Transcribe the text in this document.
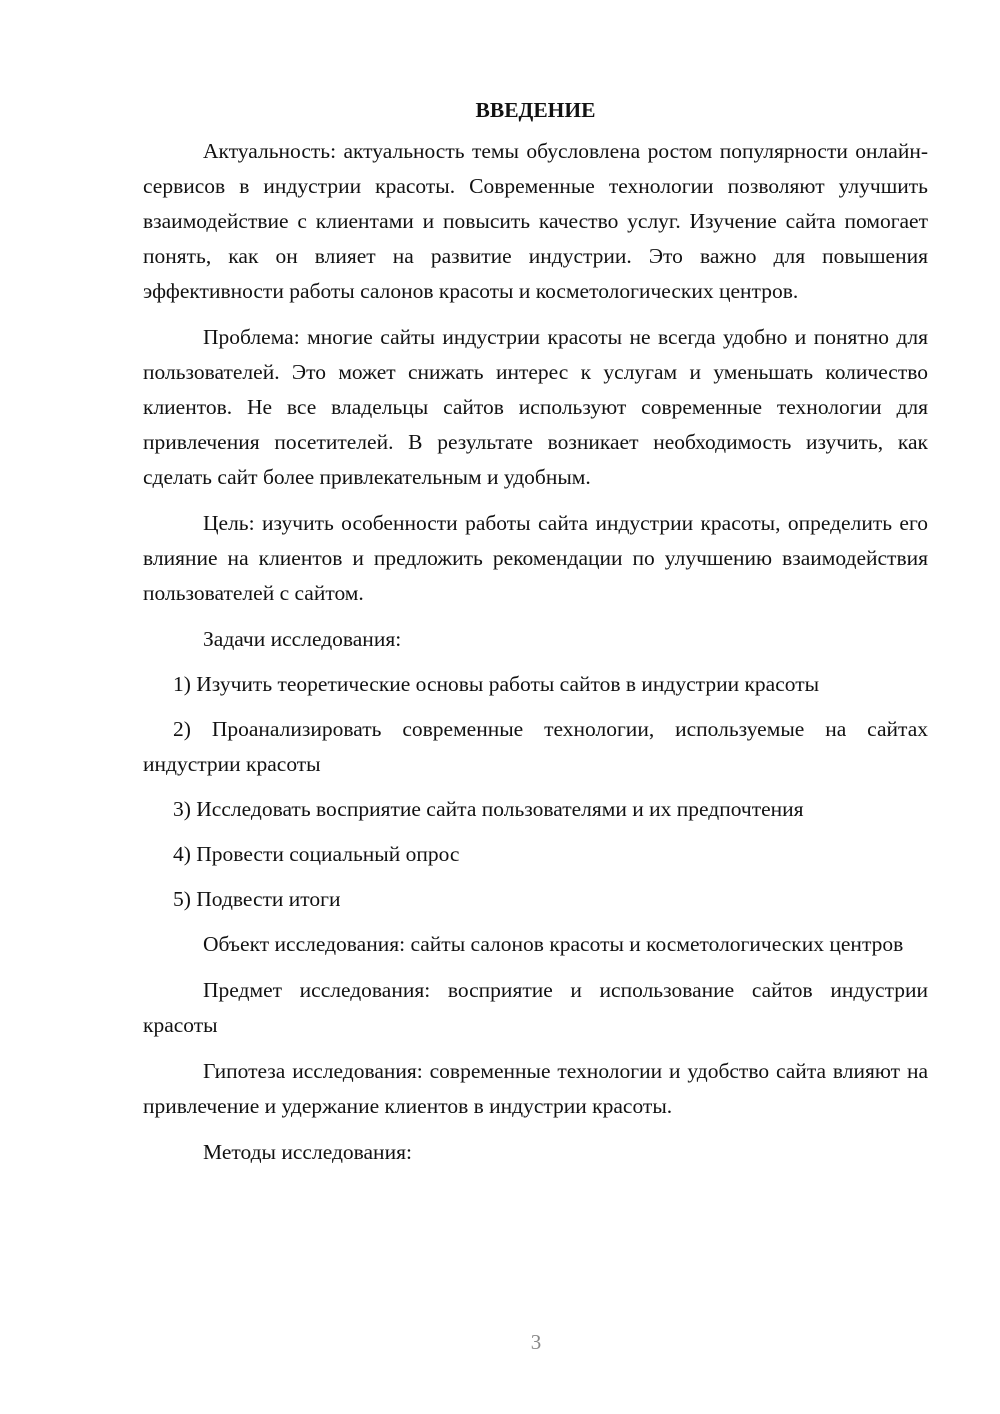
ВВЕДЕНИЕ

Актуальность: актуальность темы обусловлена ростом популярности онлайн-сервисов в индустрии красоты. Современные технологии позволяют улучшить взаимодействие с клиентами и повысить качество услуг. Изучение сайта помогает понять, как он влияет на развитие индустрии. Это важно для повышения эффективности работы салонов красоты и косметологических центров.

Проблема: многие сайты индустрии красоты не всегда удобно и понятно для пользователей. Это может снижать интерес к услугам и уменьшать количество клиентов. Не все владельцы сайтов используют современные технологии для привлечения посетителей. В результате возникает необходимость изучить, как сделать сайт более привлекательным и удобным.

Цель: изучить особенности работы сайта индустрии красоты, определить его влияние на клиентов и предложить рекомендации по улучшению взаимодействия пользователей с сайтом.

Задачи исследования:

1) Изучить теоретические основы работы сайтов в индустрии красоты

2) Проанализировать современные технологии, используемые на сайтах индустрии красоты

3) Исследовать восприятие сайта пользователями и их предпочтения

4) Провести социальный опрос

5) Подвести итоги

Объект исследования: сайты салонов красоты и косметологических центров

Предмет исследования: восприятие и использование сайтов индустрии красоты

Гипотеза исследования: современные технологии и удобство сайта влияют на привлечение и удержание клиентов в индустрии красоты.

Методы исследования:

3
